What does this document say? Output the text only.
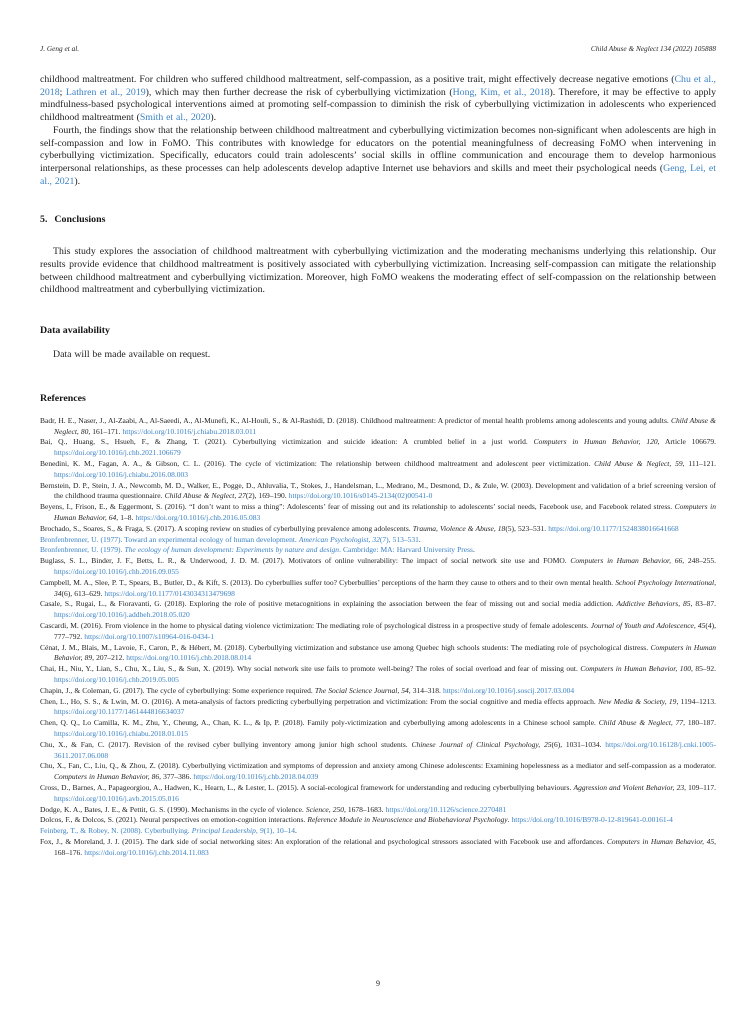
J. Geng et al.	Child Abuse & Neglect 134 (2022) 105888

childhood maltreatment. For children who suffered childhood maltreatment, self-compassion, as a positive trait, might effectively decrease negative emotions (Chu et al., 2018; Lathren et al., 2019), which may then further decrease the risk of cyberbullying victimization (Hong, Kim, et al., 2018). Therefore, it may be effective to apply mindfulness-based psychological interventions aimed at promoting self-compassion to diminish the risk of cyberbullying victimization in adolescents who experienced childhood maltreatment (Smith et al., 2020).

Fourth, the findings show that the relationship between childhood maltreatment and cyberbullying victimization becomes non-significant when adolescents are high in self-compassion and low in FoMO. This contributes with knowledge for educators on the potential meaningfulness of decreasing FoMO when intervening in cyberbullying victimization. Specifically, educators could train adolescents’ social skills in offline communication and encourage them to develop harmonious interpersonal relationships, as these processes can help adolescents develop adaptive Internet use behaviors and skills and meet their psychological needs (Geng, Lei, et al., 2021).

5. Conclusions

This study explores the association of childhood maltreatment with cyberbullying victimization and the moderating mechanisms underlying this relationship. Our results provide evidence that childhood maltreatment is positively associated with cyberbullying victimization. Increasing self-compassion can mitigate the relationship between childhood maltreatment and cyberbullying victimization. Moreover, high FoMO weakens the moderating effect of self-compassion on the relationship between childhood maltreatment and cyberbullying victimization.

Data availability

Data will be made available on request.

References

Badr, H. E., Naser, J., Al-Zaabi, A., Al-Saeedi, A., Al-Munefi, K., Al-Houli, S., & Al-Rashidi, D. (2018). Childhood maltreatment: A predictor of mental health problems among adolescents and young adults. Child Abuse & Neglect, 80, 161–171. https://doi.org/10.1016/j.chiabu.2018.03.011

Bai, Q., Huang, S., Hsueh, F., & Zhang, T. (2021). Cyberbullying victimization and suicide ideation: A crumbled belief in a just world. Computers in Human Behavior, 120, Article 106679. https://doi.org/10.1016/j.chb.2021.106679

Benedini, K. M., Fagan, A. A., & Gibson, C. L. (2016). The cycle of victimization: The relationship between childhood maltreatment and adolescent peer victimization. Child Abuse & Neglect, 59, 111–121. https://doi.org/10.1016/j.chiabu.2016.08.003

Bernstein, D. P., Stein, J. A., Newcomb, M. D., Walker, E., Pogge, D., Ahluvalia, T., Stokes, J., Handelsman, L., Medrano, M., Desmond, D., & Zule, W. (2003). Development and validation of a brief screening version of the childhood trauma questionnaire. Child Abuse & Neglect, 27(2), 169–190. https://doi.org/10.1016/s0145-2134(02)00541-0

Beyens, I., Frison, E., & Eggermont, S. (2016). “I don’t want to miss a thing”: Adolescents’ fear of missing out and its relationship to adolescents’ social needs, Facebook use, and Facebook related stress. Computers in Human Behavior, 64, 1–8. https://doi.org/10.1016/j.chb.2016.05.083

Brochado, S., Soares, S., & Fraga, S. (2017). A scoping review on studies of cyberbullying prevalence among adolescents. Trauma, Violence & Abuse, 18(5), 523–531. https://doi.org/10.1177/1524838016641668

Bronfenbrenner, U. (1977). Toward an experimental ecology of human development. American Psychologist, 32(7), 513–531.

Bronfenbrenner, U. (1979). The ecology of human development: Experiments by nature and design. Cambridge: MA: Harvard University Press.

Buglass, S. L., Binder, J. F., Betts, L. R., & Underwood, J. D. M. (2017). Motivators of online vulnerability: The impact of social network site use and FOMO. Computers in Human Behavior, 66, 248–255. https://doi.org/10.1016/j.chb.2016.09.055

Campbell, M. A., Slee, P. T., Spears, B., Butler, D., & Kift, S. (2013). Do cyberbullies suffer too? Cyberbullies’ perceptions of the harm they cause to others and to their own mental health. School Psychology International, 34(6), 613–629. https://doi.org/10.1177/0143034313479698

Casale, S., Rugai, L., & Fioravanti, G. (2018). Exploring the role of positive metacognitions in explaining the association between the fear of missing out and social media addiction. Addictive Behaviors, 85, 83–87. https://doi.org/10.1016/j.addbeh.2018.05.020

Cascardi, M. (2016). From violence in the home to physical dating violence victimization: The mediating role of psychological distress in a prospective study of female adolescents. Journal of Youth and Adolescence, 45(4), 777–792. https://doi.org/10.1007/s10964-016-0434-1

Cénat, J. M., Blais, M., Lavoie, F., Caron, P., & Hébert, M. (2018). Cyberbullying victimization and substance use among Quebec high schools students: The mediating role of psychological distress. Computers in Human Behavior, 89, 207–212. https://doi.org/10.1016/j.chb.2018.08.014

Chai, H., Niu, Y., Lian, S., Chu, X., Liu, S., & Sun, X. (2019). Why social network site use fails to promote well-being? The roles of social overload and fear of missing out. Computers in Human Behavior, 100, 85–92. https://doi.org/10.1016/j.chb.2019.05.005

Chapin, J., & Coleman, G. (2017). The cycle of cyberbullying: Some experience required. The Social Science Journal, 54, 314–318. https://doi.org/10.1016/j.soscij.2017.03.004

Chen, L., Ho, S. S., & Lwin, M. O. (2016). A meta-analysis of factors predicting cyberbullying perpetration and victimization: From the social cognitive and media effects approach. New Media & Society, 19, 1194–1213. https://doi.org/10.1177/1461444816634037

Chen, Q. Q., Lo Camilla, K. M., Zhu, Y., Cheung, A., Chan, K. L., & Ip, P. (2018). Family poly-victimization and cyberbullying among adolescents in a Chinese school sample. Child Abuse & Neglect, 77, 180–187. https://doi.org/10.1016/j.chiabu.2018.01.015

Chu, X., & Fan, C. (2017). Revision of the revised cyber bullying inventory among junior high school students. Chinese Journal of Clinical Psychology, 25(6), 1031–1034. https://doi.org/10.16128/j.cnki.1005-3611.2017.06.008

Chu, X., Fan, C., Liu, Q., & Zhou, Z. (2018). Cyberbullying victimization and symptoms of depression and anxiety among Chinese adolescents: Examining hopelessness as a mediator and self-compassion as a moderator. Computers in Human Behavior, 86, 377–386. https://doi.org/10.1016/j.chb.2018.04.039

Cross, D., Barnes, A., Papageorgiou, A., Hadwen, K., Hearn, L., & Lester, L. (2015). A social-ecological framework for understanding and reducing cyberbullying behaviours. Aggression and Violent Behavior, 23, 109–117. https://doi.org/10.1016/j.avb.2015.05.016

Dodge, K. A., Bates, J. E., & Pettit, G. S. (1990). Mechanisms in the cycle of violence. Science, 250, 1678–1683. https://doi.org/10.1126/science.2270481

Dolcos, F., & Dolcos, S. (2021). Neural perspectives on emotion-cognition interactions. Reference Module in Neuroscience and Biobehavioral Psychology. https://doi.org/10.1016/B978-0-12-819641-0.00161-4

Feinberg, T., & Robey, N. (2008). Cyberbullying. Principal Leadership, 9(1), 10–14.

Fox, J., & Moreland, J. J. (2015). The dark side of social networking sites: An exploration of the relational and psychological stressors associated with Facebook use and affordances. Computers in Human Behavior, 45, 168–176. https://doi.org/10.1016/j.chb.2014.11.083

9
